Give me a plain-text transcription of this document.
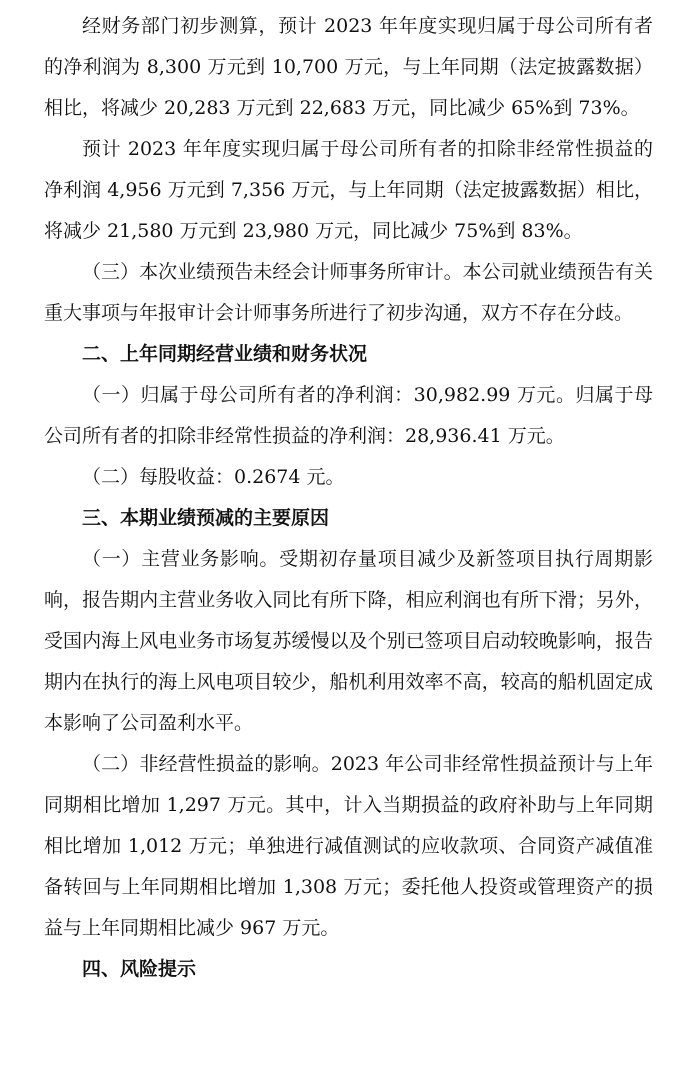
经财务部门初步测算，预计 2023 年年度实现归属于母公司所有者的净利润为 8,300 万元到 10,700 万元，与上年同期（法定披露数据）相比，将减少 20,283 万元到 22,683 万元，同比减少 65%到 73%。

预计 2023 年年度实现归属于母公司所有者的扣除非经常性损益的净利润 4,956 万元到 7,356 万元，与上年同期（法定披露数据）相比，将减少 21,580 万元到 23,980 万元，同比减少 75%到 83%。

（三）本次业绩预告未经会计师事务所审计。本公司就业绩预告有关重大事项与年报审计会计师事务所进行了初步沟通，双方不存在分歧。

二、上年同期经营业绩和财务状况

（一）归属于母公司所有者的净利润：30,982.99 万元。归属于母公司所有者的扣除非经常性损益的净利润：28,936.41 万元。

（二）每股收益：0.2674 元。

三、本期业绩预减的主要原因

（一）主营业务影响。受期初存量项目减少及新签项目执行周期影响，报告期内主营业务收入同比有所下降，相应利润也有所下滑；另外，受国内海上风电业务市场复苏缓慢以及个别已签项目启动较晚影响，报告期内在执行的海上风电项目较少，船机利用效率不高，较高的船机固定成本影响了公司盈利水平。

（二）非经营性损益的影响。2023 年公司非经常性损益预计与上年同期相比增加 1,297 万元。其中，计入当期损益的政府补助与上年同期相比增加 1,012 万元；单独进行减值测试的应收款项、合同资产减值准备转回与上年同期相比增加 1,308 万元；委托他人投资或管理资产的损益与上年同期相比减少 967 万元。

四、风险提示
